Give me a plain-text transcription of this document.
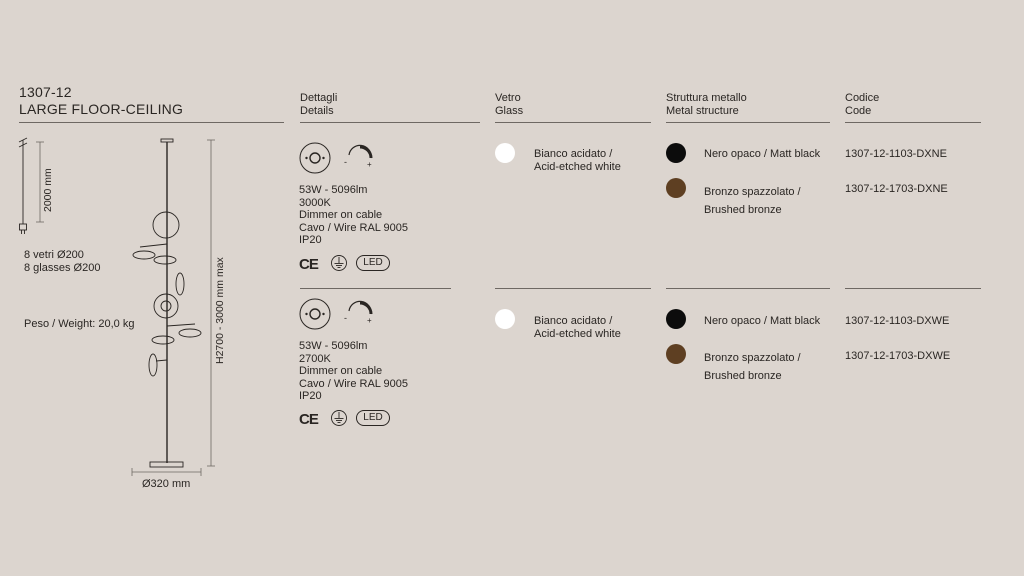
1307-12
LARGE FLOOR-CEILING
Dettagli
Details
Vetro
Glass
Struttura metallo
Metal structure
Codice
Code
2000 mm
8 vetri Ø200
8 glasses Ø200
Peso / Weight: 20,0 kg	H2700 - 3000 mm max
Ø320 mm
-	+
53W - 5096lm
3000K
Dimmer on cable
Cavo / Wire RAL 9005
IP20
CE	LED
Bianco acidato /
Acid-etched white
Nero opaco / Matt black 1307-12-1103-DXNE
Bronzo spazzolato /
Brushed bronze
1307-12-1703-DXNE
-	+
53W - 5096lm
2700K
Dimmer on cable
Cavo / Wire RAL 9005
IP20
CE	LED
Bianco acidato /
Acid-etched white
Nero opaco / Matt black 1307-12-1103-DXWE
Bronzo spazzolato /
Brushed bronze
1307-12-1703-DXWE
